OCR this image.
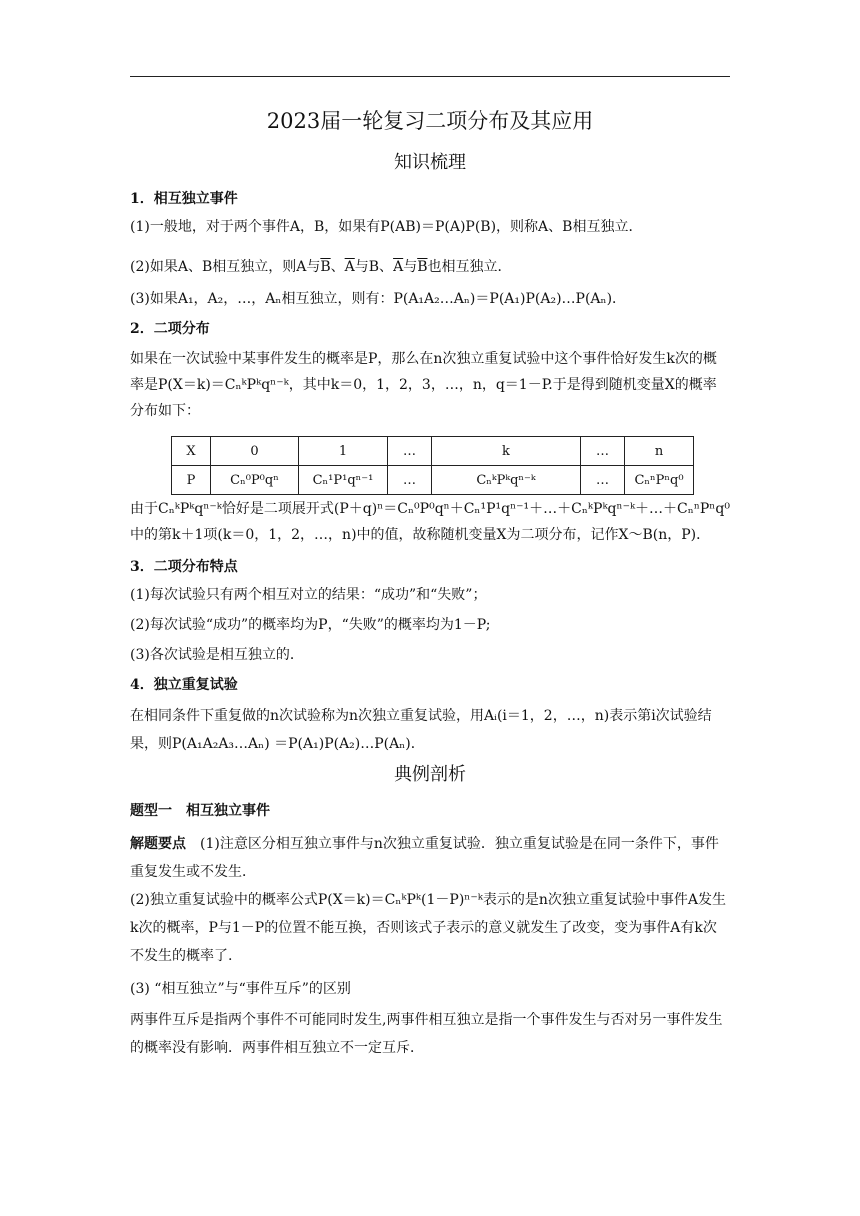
2023届一轮复习二项分布及其应用
知识梳理
1．相互独立事件
(1)一般地，对于两个事件A，B，如果有P(AB)＝P(A)P(B)，则称A、B相互独立．
(2)如果A、B相互独立，则A与$\overline{B}$、$\overline{A}$与B、$\overline{A}$与$\overline{B}$也相互独立．
(3)如果A₁，A₂，…，Aₙ相互独立，则有：P(A₁A₂…Aₙ)＝P(A₁)P(A₂)…P(Aₙ)．
2．二项分布
如果在一次试验中某事件发生的概率是P，那么在n次独立重复试验中这个事件恰好发生k次的概率是P(X＝k)＝CₙᵏPᵏqⁿ⁻ᵏ，其中k＝0，1，2，3，…，n，q＝1－P.于是得到随机变量X的概率分布如下：
X	0	1	…	k	…	n
P	Cₙ⁰P⁰qⁿ	Cₙ¹P¹qⁿ⁻¹	…	CₙᵏPᵏqⁿ⁻ᵏ	…	CₙⁿPⁿq⁰
由于CₙᵏPᵏqⁿ⁻ᵏ恰好是二项展开式(P＋q)ⁿ＝Cₙ⁰P⁰qⁿ＋Cₙ¹P¹qⁿ⁻¹＋…＋CₙᵏPᵏqⁿ⁻ᵏ＋…＋CₙⁿPⁿq⁰中的第k＋1项(k＝0，1，2，…，n)中的值，故称随机变量X为二项分布，记作X～B(n，P)．
3．二项分布特点
(1)每次试验只有两个相互对立的结果：“成功”和“失败”；
(2)每次试验“成功”的概率均为P，“失败”的概率均为1－P;
(3)各次试验是相互独立的．
4．独立重复试验
在相同条件下重复做的n次试验称为n次独立重复试验，用Aᵢ(i＝1，2，…，n)表示第i次试验结果，则P(A₁A₂A₃…Aₙ) ＝P(A₁)P(A₂)…P(Aₙ)．
典例剖析
题型一　相互独立事件
解题要点　(1)注意区分相互独立事件与n次独立重复试验．独立重复试验是在同一条件下，事件重复发生或不发生．
(2)独立重复试验中的概率公式P(X＝k)＝CₙᵏPᵏ(1－P)ⁿ⁻ᵏ表示的是n次独立重复试验中事件A发生k次的概率，P与1－P的位置不能互换，否则该式子表示的意义就发生了改变，变为事件A有k次不发生的概率了.
(3) “相互独立”与“事件互斥”的区别
两事件互斥是指两个事件不可能同时发生,两事件相互独立是指一个事件发生与否对另一事件发生的概率没有影响．两事件相互独立不一定互斥．
